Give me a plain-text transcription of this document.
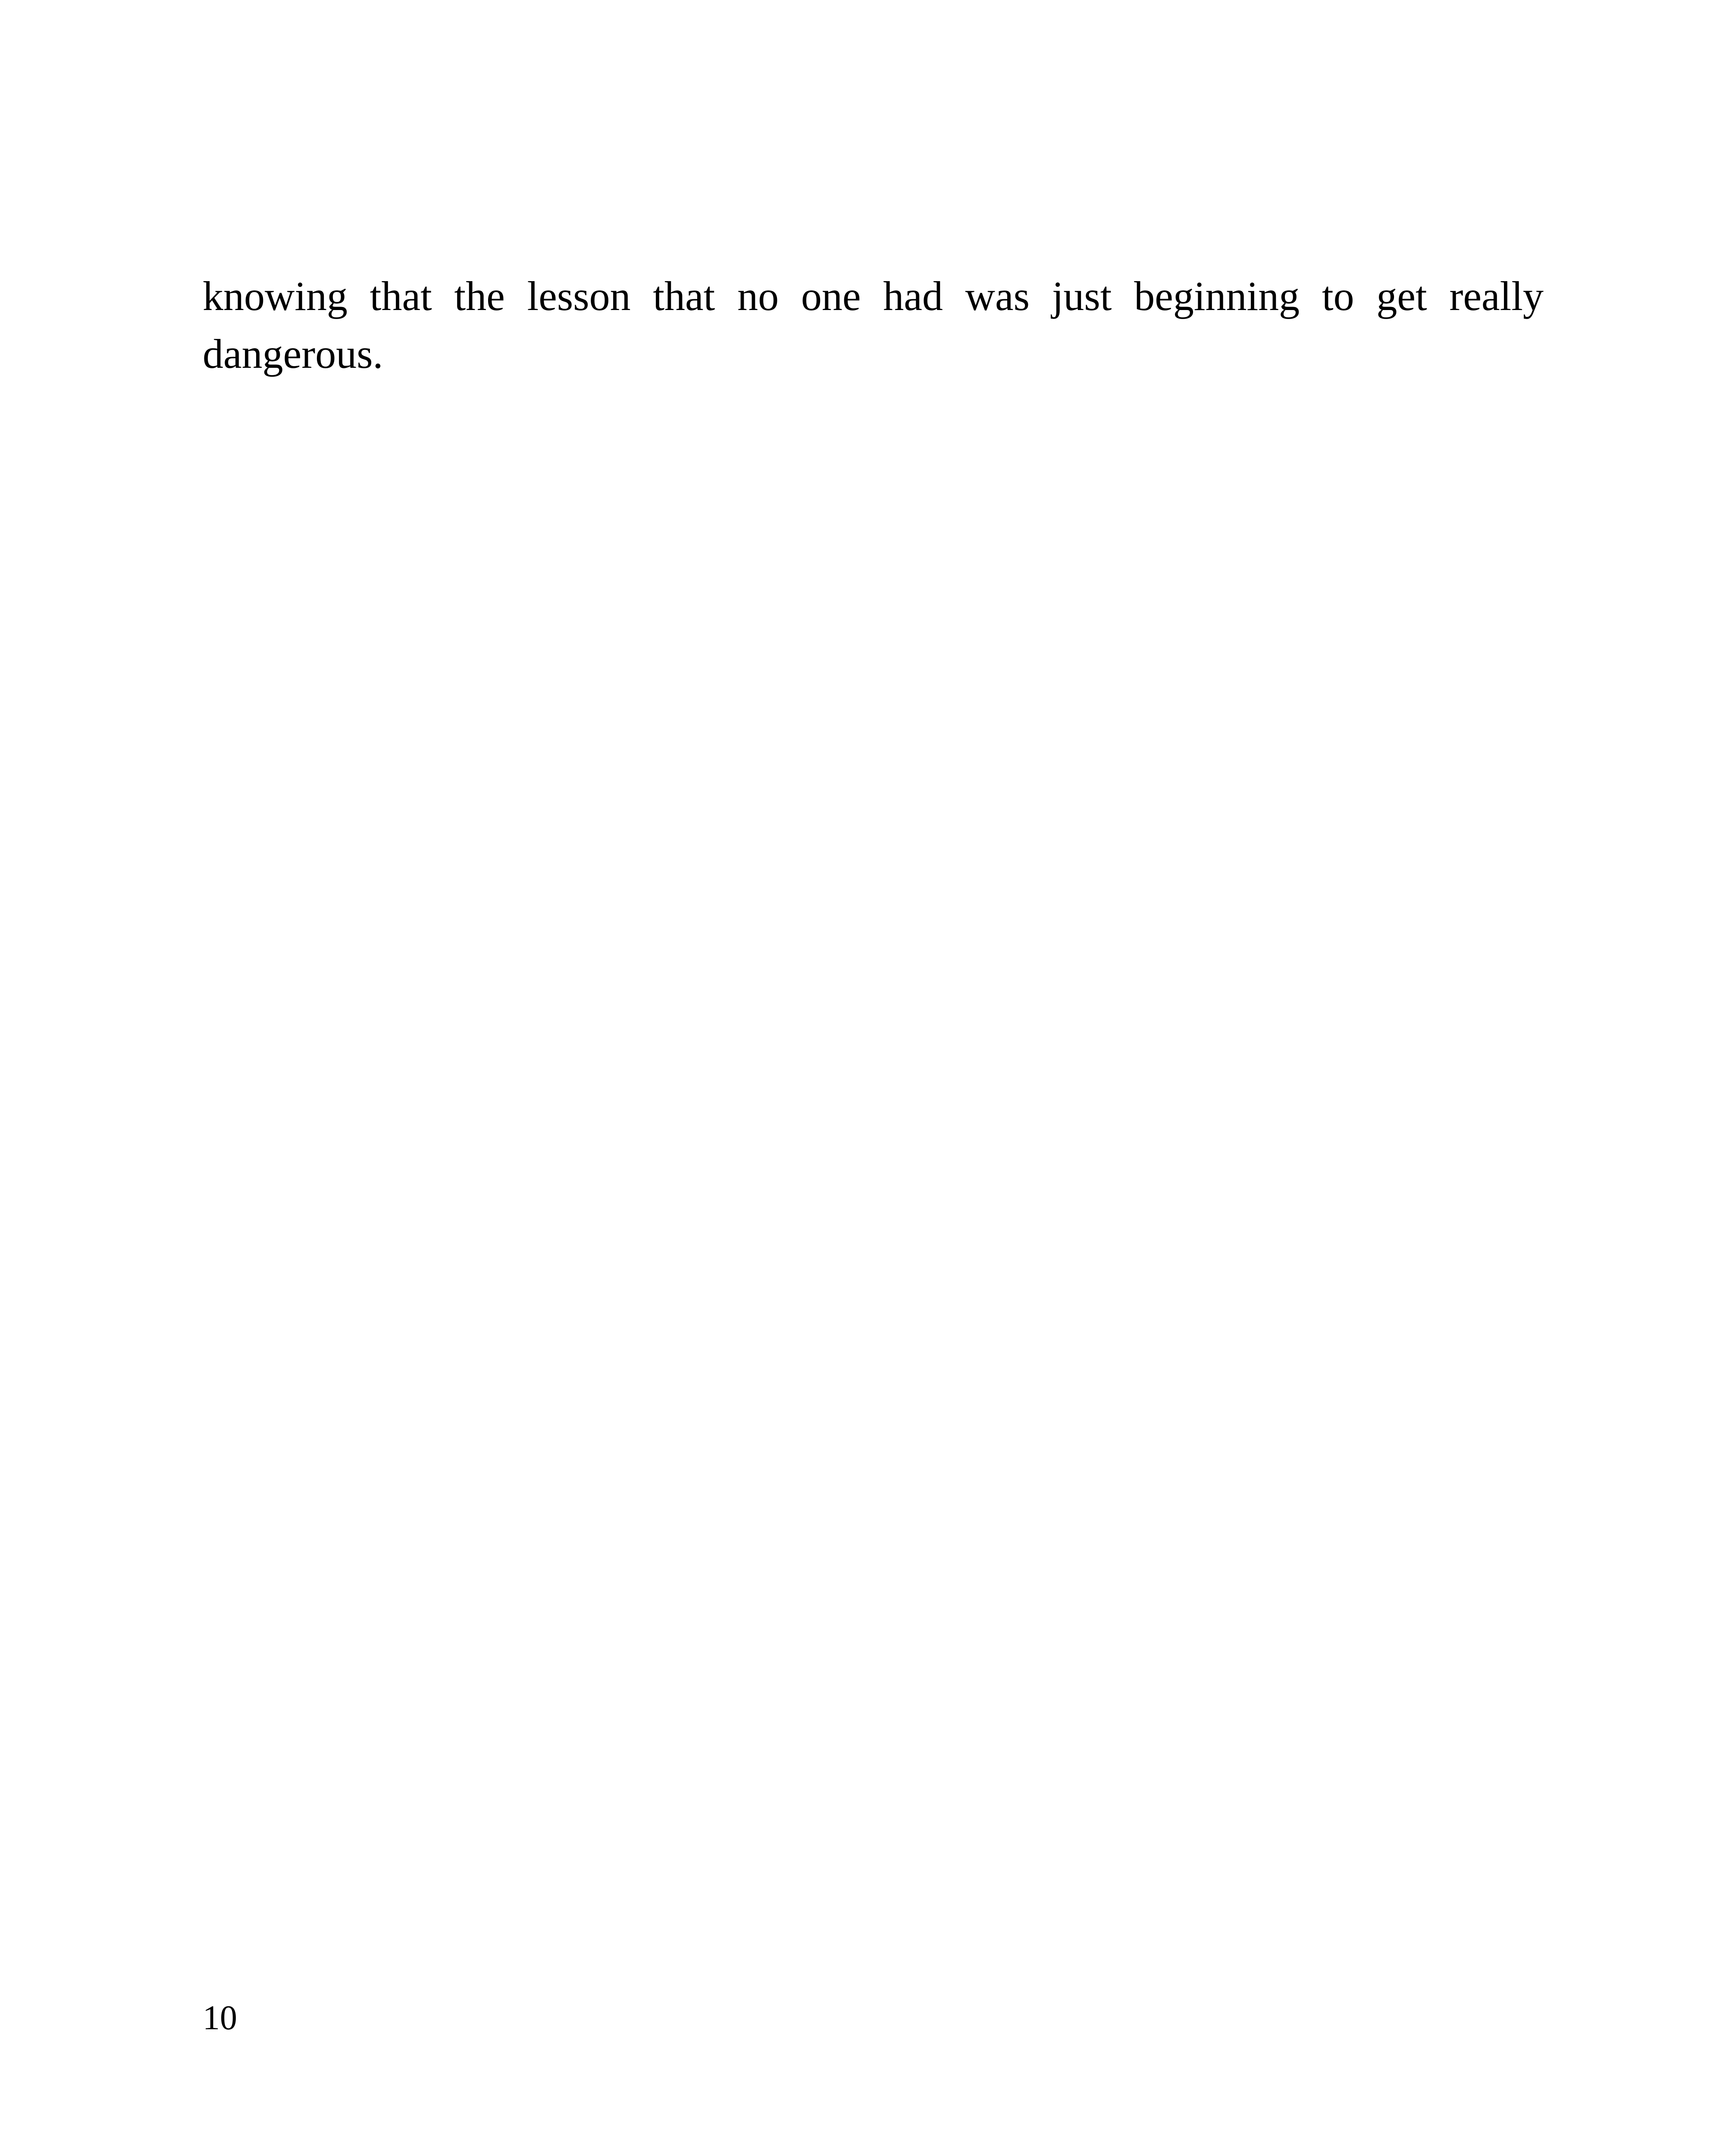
knowing that the lesson that no one had was just beginning to get really
dangerous.

10
